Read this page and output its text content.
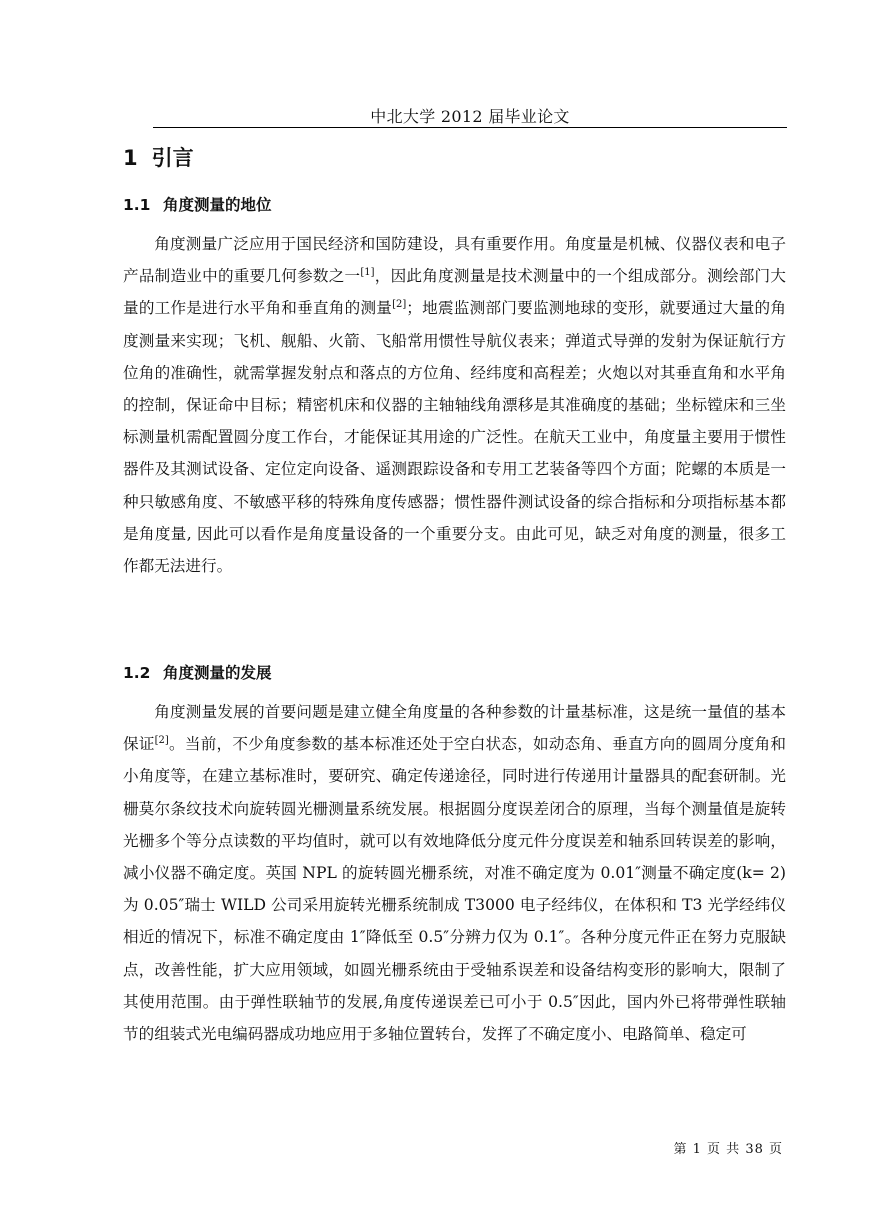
中北大学 2012 届毕业论文
1 引言
1.1 角度测量的地位

角度测量广泛应用于国民经济和国防建设，具有重要作用。角度量是机械、仪器仪表和电子产品制造业中的重要几何参数之一[1]，因此角度测量是技术测量中的一个组成部分。测绘部门大量的工作是进行水平角和垂直角的测量[2]；地震监测部门要监测地球的变形，就要通过大量的角度测量来实现；飞机、舰船、火箭、飞船常用惯性导航仪表来；弹道式导弹的发射为保证航行方位角的准确性，就需掌握发射点和落点的方位角、经纬度和高程差；火炮以对其垂直角和水平角的控制，保证命中目标；精密机床和仪器的主轴轴线角漂移是其准确度的基础；坐标镗床和三坐标测量机需配置圆分度工作台，才能保证其用途的广泛性。在航天工业中，角度量主要用于惯性器件及其测试设备、定位定向设备、遥测跟踪设备和专用工艺装备等四个方面；陀螺的本质是一种只敏感角度、不敏感平移的特殊角度传感器；惯性器件测试设备的综合指标和分项指标基本都是角度量, 因此可以看作是角度量设备的一个重要分支。由此可见，缺乏对角度的测量，很多工作都无法进行。

1.2 角度测量的发展

角度测量发展的首要问题是建立健全角度量的各种参数的计量基标准，这是统一量值的基本保证[2]。当前，不少角度参数的基本标准还处于空白状态，如动态角、垂直方向的圆周分度角和小角度等，在建立基标准时，要研究、确定传递途径，同时进行传递用计量器具的配套研制。光栅莫尔条纹技术向旋转圆光栅测量系统发展。根据圆分度误差闭合的原理，当每个测量值是旋转光栅多个等分点读数的平均值时，就可以有效地降低分度元件分度误差和轴系回转误差的影响，减小仪器不确定度。英国 NPL 的旋转圆光栅系统，对准不确定度为 0.01″测量不确定度(k= 2) 为 0.05″瑞士 WILD 公司采用旋转光栅系统制成 T3000 电子经纬仪，在体积和 T3 光学经纬仪相近的情况下，标准不确定度由 1″降低至 0.5″分辨力仅为 0.1″。各种分度元件正在努力克服缺点，改善性能，扩大应用领域，如圆光栅系统由于受轴系误差和设备结构变形的影响大，限制了其使用范围。由于弹性联轴节的发展,角度传递误差已可小于 0.5″因此，国内外已将带弹性联轴节的组装式光电编码器成功地应用于多轴位置转台，发挥了不确定度小、电路简单、稳定可

第 1 页 共 38 页
